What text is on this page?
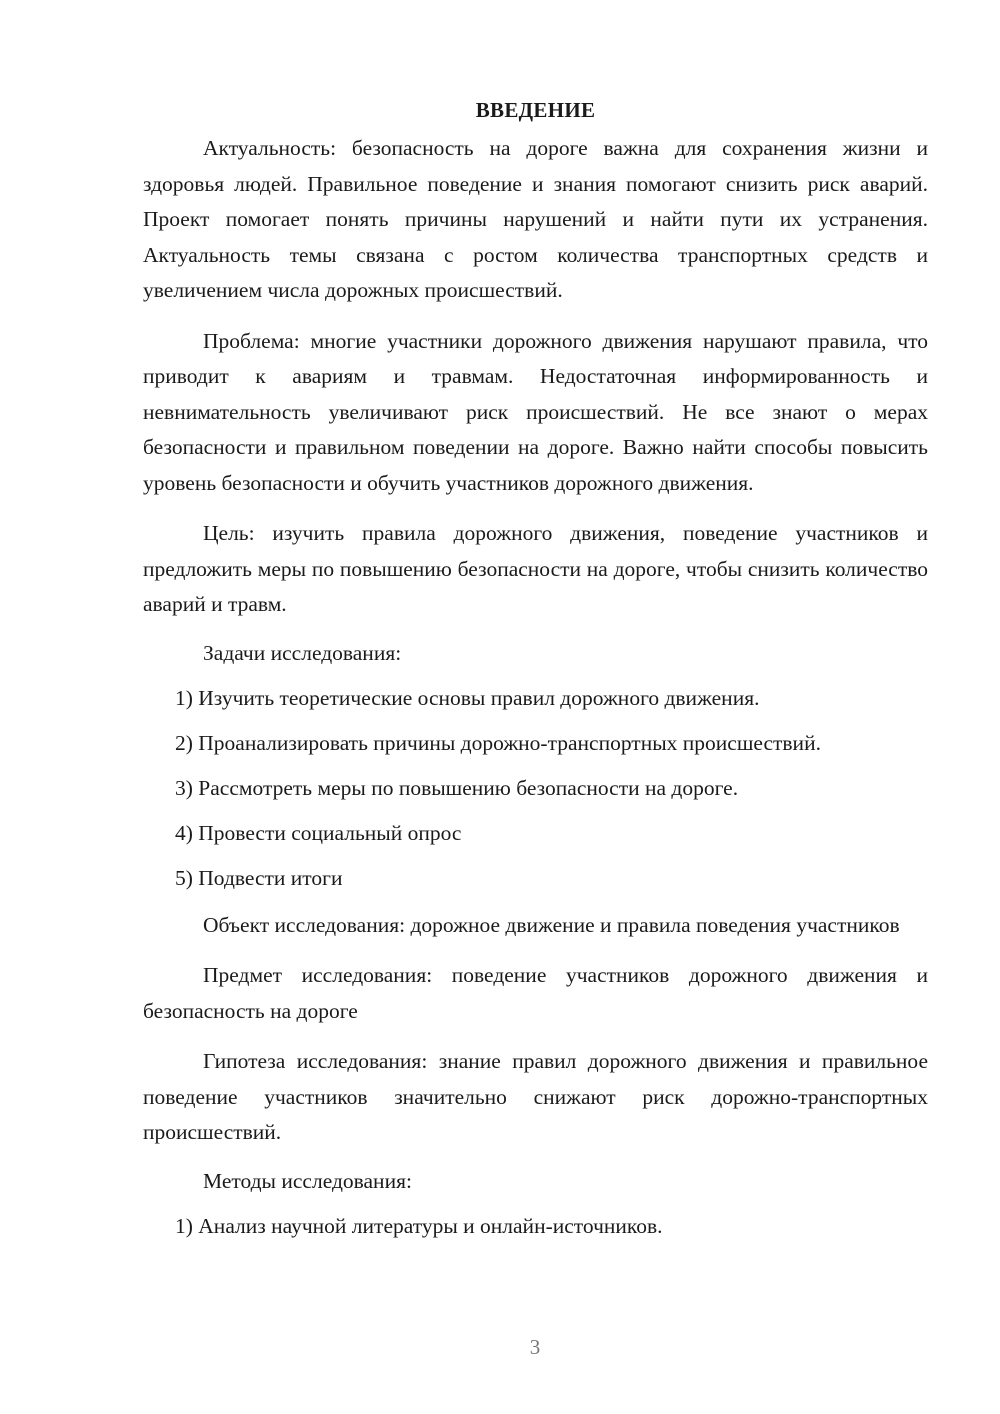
ВВЕДЕНИЕ

Актуальность: безопасность на дороге важна для сохранения жизни и здоровья людей. Правильное поведение и знания помогают снизить риск аварий. Проект помогает понять причины нарушений и найти пути их устранения. Актуальность темы связана с ростом количества транспортных средств и увеличением числа дорожных происшествий.

Проблема: многие участники дорожного движения нарушают правила, что приводит к авариям и травмам. Недостаточная информированность и невнимательность увеличивают риск происшествий. Не все знают о мерах безопасности и правильном поведении на дороге. Важно найти способы повысить уровень безопасности и обучить участников дорожного движения.

Цель: изучить правила дорожного движения, поведение участников и предложить меры по повышению безопасности на дороге, чтобы снизить количество аварий и травм.

Задачи исследования:

1) Изучить теоретические основы правил дорожного движения.
2) Проанализировать причины дорожно-транспортных происшествий.
3) Рассмотреть меры по повышению безопасности на дороге.
4) Провести социальный опрос
5) Подвести итоги

Объект исследования: дорожное движение и правила поведения участников

Предмет исследования: поведение участников дорожного движения и безопасность на дороге

Гипотеза исследования: знание правил дорожного движения и правильное поведение участников значительно снижают риск дорожно-транспортных происшествий.

Методы исследования:

1) Анализ научной литературы и онлайн-источников.
3
